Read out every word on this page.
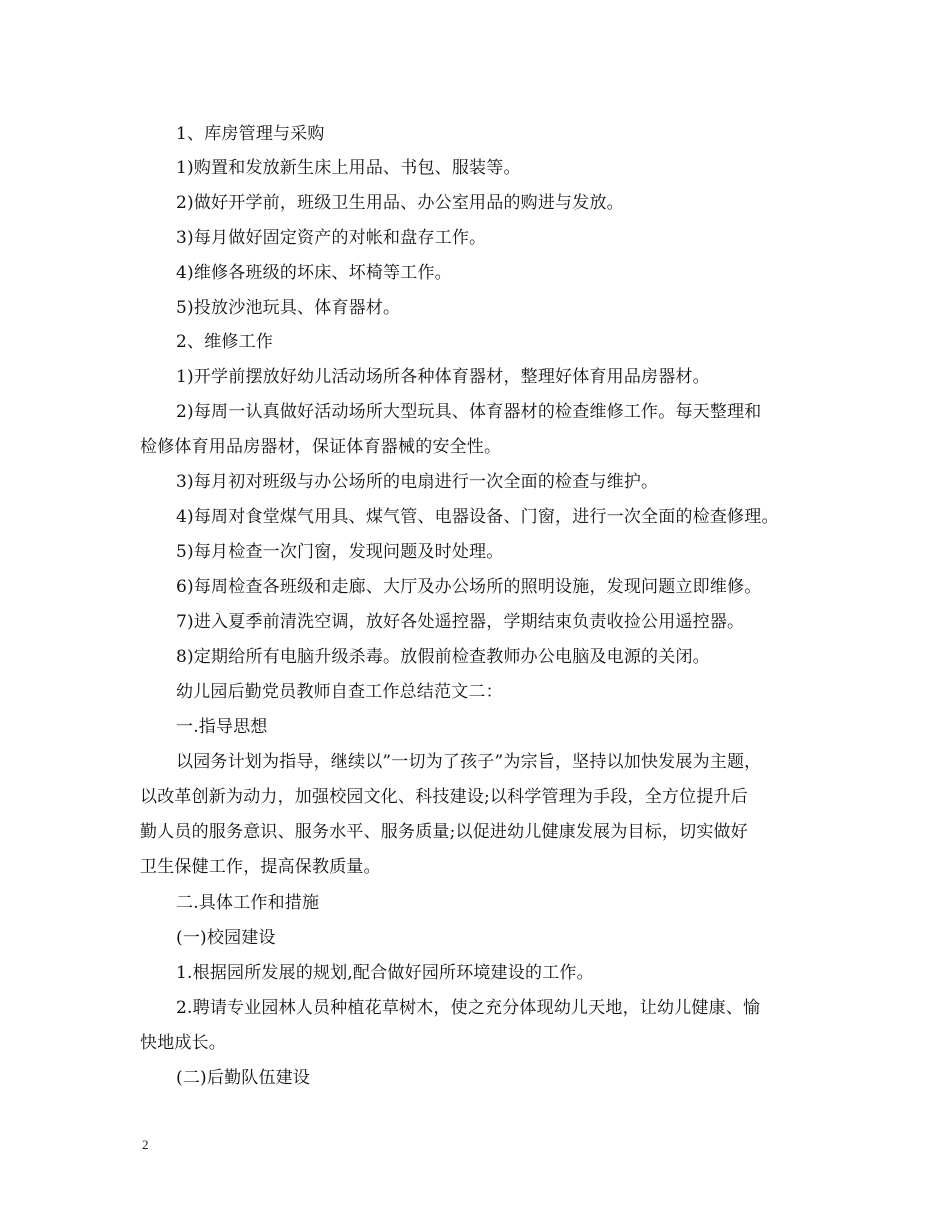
1、库房管理与采购
1)购置和发放新生床上用品、书包、服装等。
2)做好开学前，班级卫生用品、办公室用品的购进与发放。
3)每月做好固定资产的对帐和盘存工作。
4)维修各班级的坏床、坏椅等工作。
5)投放沙池玩具、体育器材。
2、维修工作
1)开学前摆放好幼儿活动场所各种体育器材，整理好体育用品房器材。
2)每周一认真做好活动场所大型玩具、体育器材的检查维修工作。每天整理和
检修体育用品房器材，保证体育器械的安全性。
3)每月初对班级与办公场所的电扇进行一次全面的检查与维护。
4)每周对食堂煤气用具、煤气管、电器设备、门窗，进行一次全面的检查修理。
5)每月检查一次门窗，发现问题及时处理。
6)每周检查各班级和走廊、大厅及办公场所的照明设施，发现问题立即维修。
7)进入夏季前清洗空调，放好各处遥控器，学期结束负责收捡公用遥控器。
8)定期给所有电脑升级杀毒。放假前检查教师办公电脑及电源的关闭。
幼儿园后勤党员教师自查工作总结范文二：
一.指导思想
以园务计划为指导，继续以”一切为了孩子”为宗旨，坚持以加快发展为主题，
以改革创新为动力，加强校园文化、科技建设;以科学管理为手段，全方位提升后
勤人员的服务意识、服务水平、服务质量;以促进幼儿健康发展为目标，切实做好
卫生保健工作，提高保教质量。
二.具体工作和措施
(一)校园建设
1.根据园所发展的规划,配合做好园所环境建设的工作。
2.聘请专业园林人员种植花草树木，使之充分体现幼儿天地，让幼儿健康、愉
快地成长。
(二)后勤队伍建设
2
